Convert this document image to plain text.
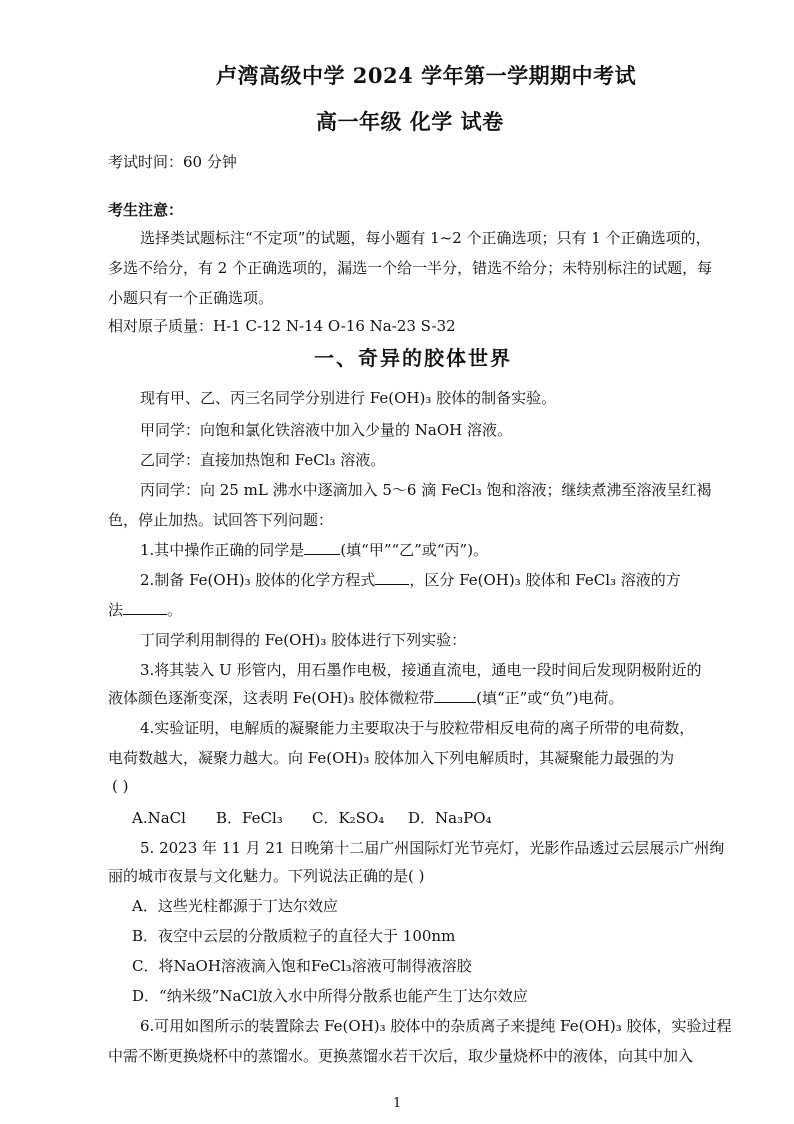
卢湾高级中学 2024 学年第一学期期中考试
高一年级 化学 试卷
考试时间：60 分钟
考生注意：
选择类试题标注“不定项”的试题，每小题有 1~2 个正确选项；只有 1 个正确选项的，
多选不给分，有 2 个正确选项的，漏选一个给一半分，错选不给分；未特别标注的试题，每
小题只有一个正确选项。
相对原子质量：H-1 C-12 N-14 O-16 Na-23 S-32
一、奇异的胶体世界
现有甲、乙、丙三名同学分别进行 Fe(OH)₃ 胶体的制备实验。
甲同学：向饱和氯化铁溶液中加入少量的 NaOH 溶液。
乙同学：直接加热饱和 FeCl₃ 溶液。
丙同学：向 25 mL 沸水中逐滴加入 5～6 滴 FeCl₃ 饱和溶液；继续煮沸至溶液呈红褐
色，停止加热。试回答下列问题：
1.其中操作正确的同学是 (填“甲”“乙”或“丙”)。
2.制备 Fe(OH)₃ 胶体的化学方程式 ，区分 Fe(OH)₃ 胶体和 FeCl₃ 溶液的方
法	。
丁同学利用制得的 Fe(OH)₃ 胶体进行下列实验：
3.将其装入 U 形管内，用石墨作电极，接通直流电，通电一段时间后发现阴极附近的
液体颜色逐渐变深，这表明 Fe(OH)₃ 胶体微粒带	(填“正”或“负”)电荷。
4.实验证明，电解质的凝聚能力主要取决于与胶粒带相反电荷的离子所带的电荷数，
电荷数越大，凝聚力越大。向 Fe(OH)₃ 胶体加入下列电解质时，其凝聚能力最强的为
( )
A.NaCl B．FeCl₃ C．K₂SO₄ D．Na₃PO₄
5. 2023 年 11 月 21 日晚第十二届广州国际灯光节亮灯，光影作品透过云层展示广州绚
丽的城市夜景与文化魅力。下列说法正确的是( )
A．这些光柱都源于丁达尔效应
B．夜空中云层的分散质粒子的直径大于 100nm
C．将NaOH溶液滴入饱和FeCl₃溶液可制得液溶胶
D．“纳米级”NaCl放入水中所得分散系也能产生丁达尔效应
6.可用如图所示的装置除去 Fe(OH)₃ 胶体中的杂质离子来提纯 Fe(OH)₃ 胶体，实验过程
中需不断更换烧杯中的蒸馏水。更换蒸馏水若干次后，取少量烧杯中的液体，向其中加入
1
